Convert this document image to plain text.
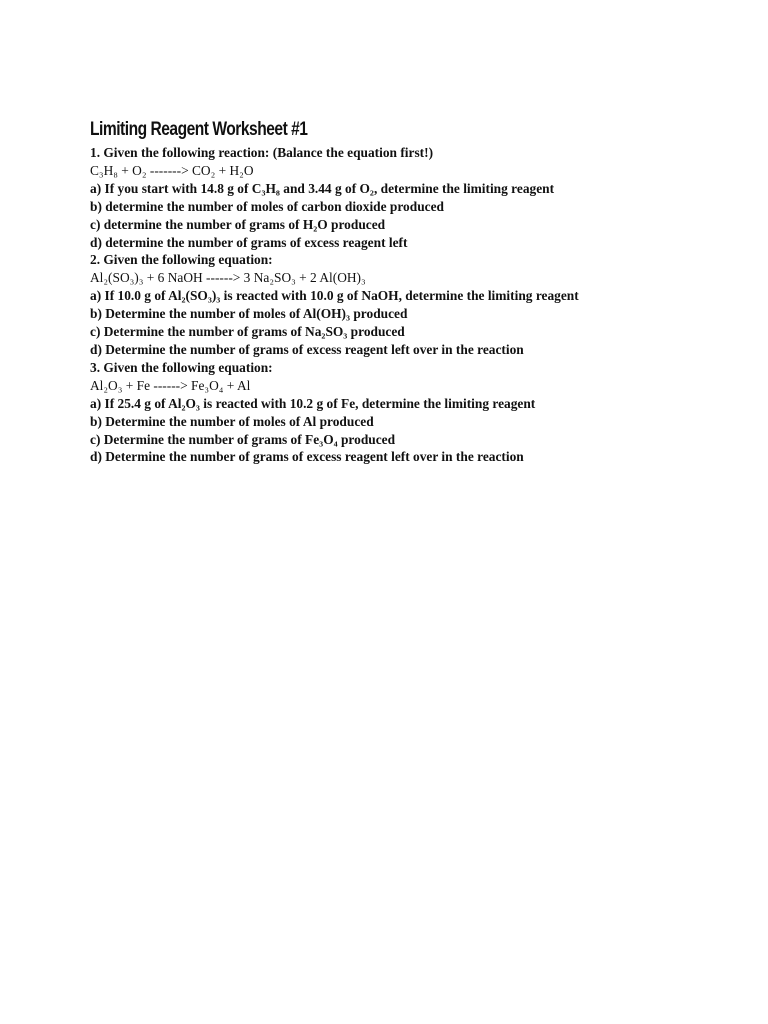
Limiting Reagent Worksheet #1
1. Given the following reaction: (Balance the equation first!)
C₃H₈ + O₂ -------> CO₂ + H₂O
a) If you start with 14.8 g of C₃H₈ and 3.44 g of O₂, determine the limiting reagent
b) determine the number of moles of carbon dioxide produced
c) determine the number of grams of H₂O produced
d) determine the number of grams of excess reagent left
2. Given the following equation:
Al₂(SO₃)₃ + 6 NaOH ------> 3 Na₂SO₃ + 2 Al(OH)₃
a) If 10.0 g of Al₂(SO₃)₃ is reacted with 10.0 g of NaOH, determine the limiting reagent
b) Determine the number of moles of Al(OH)₃ produced
c) Determine the number of grams of Na₂SO₃ produced
d) Determine the number of grams of excess reagent left over in the reaction
3. Given the following equation:
Al₂O₃ + Fe ------> Fe₃O₄ + Al
a) If 25.4 g of Al₂O₃ is reacted with 10.2 g of Fe, determine the limiting reagent
b) Determine the number of moles of Al produced
c) Determine the number of grams of Fe₃O₄ produced
d) Determine the number of grams of excess reagent left over in the reaction
